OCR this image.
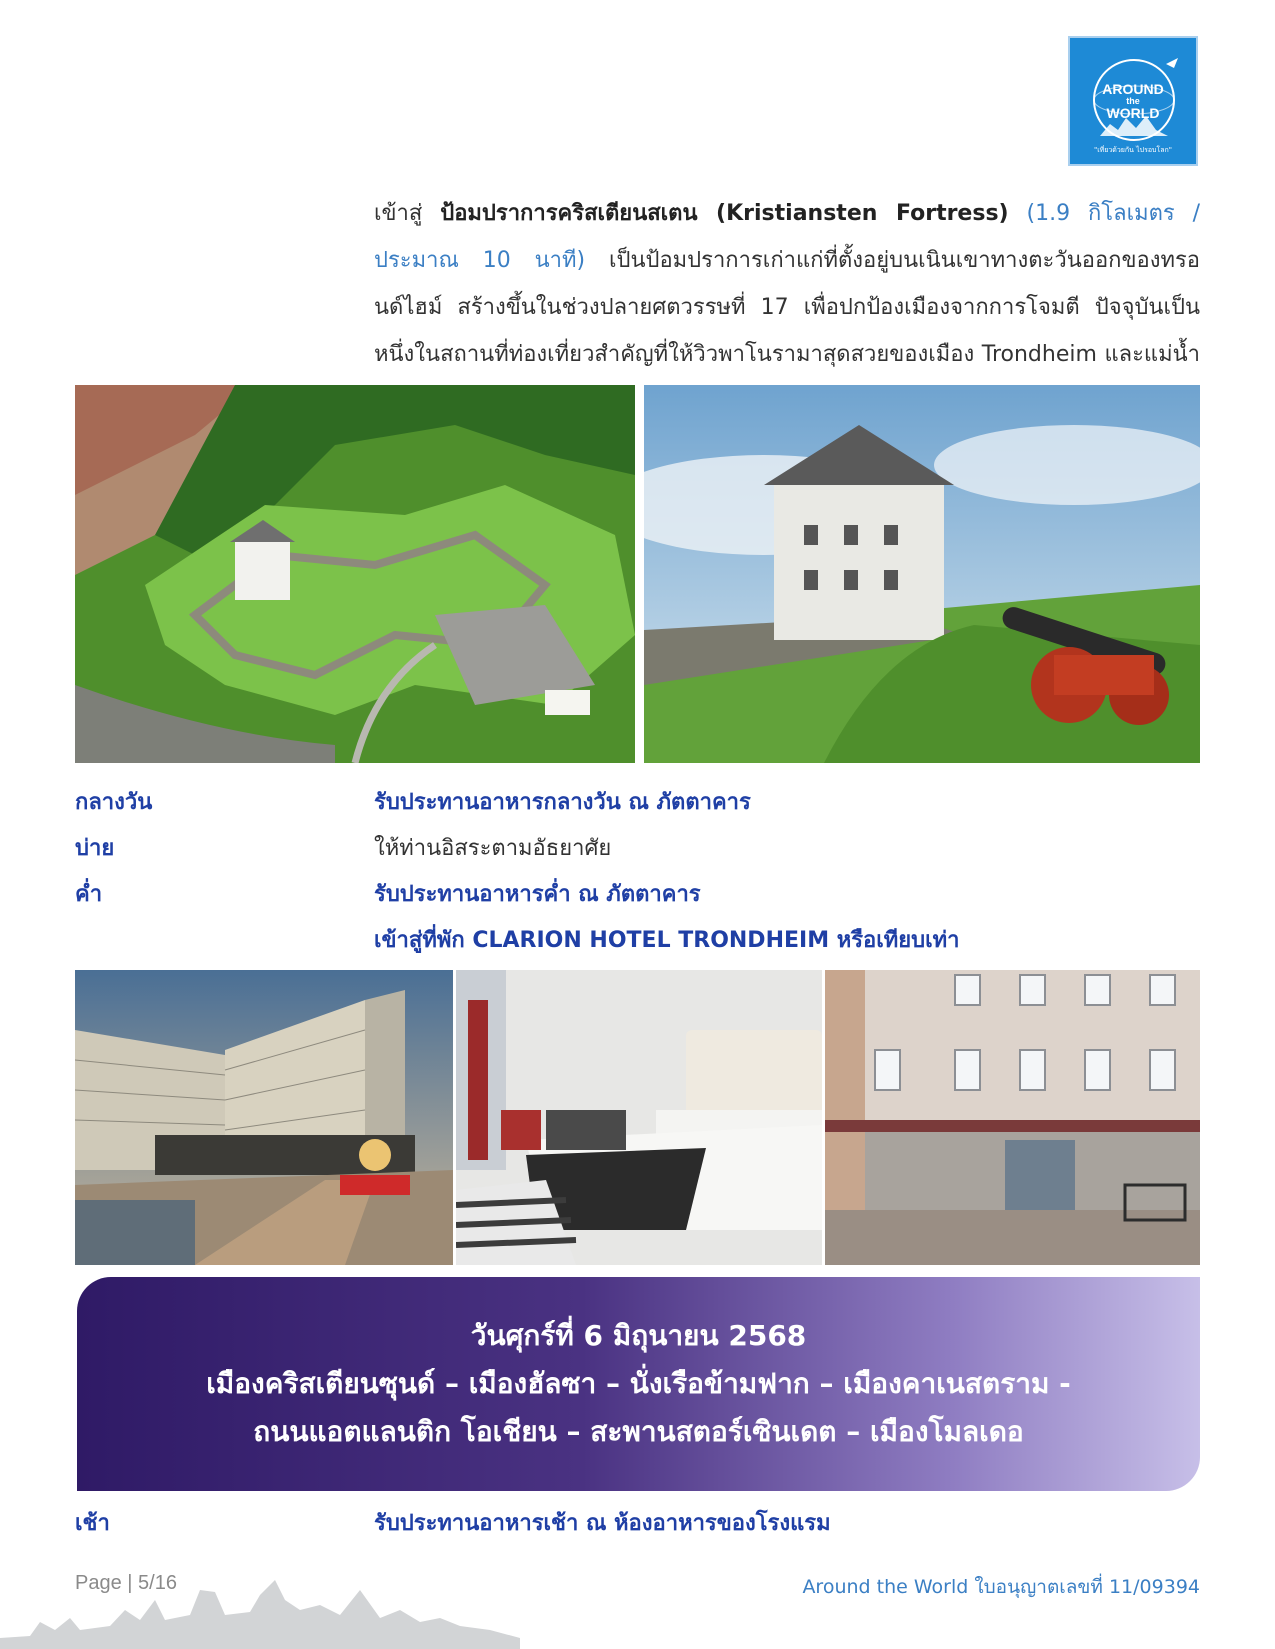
AROUND
the
WORLD
"เที่ยวด้วยกัน ไปรอบโลก"
เข้าสู่ ป้อมปราการคริสเตียนสเตน (Kristiansten Fortress) (1.9 กิโลเมตร / ประมาณ 10 นาที) เป็นป้อมปราการเก่าแก่ที่ตั้งอยู่บนเนินเขาทางตะวันออกของทรอนด์ไฮม์ สร้างขึ้นในช่วงปลายศตวรรษที่ 17 เพื่อปกป้องเมืองจากการโจมตี ปัจจุบันเป็นหนึ่งในสถานที่ท่องเที่ยวสำคัญที่ให้วิวพาโนรามาสุดสวยของเมือง Trondheim และแม่น้ำ
กลางวัน	รับประทานอาหารกลางวัน ณ ภัตตาคาร
บ่าย	ให้ท่านอิสระตามอัธยาศัย
ค่ำ	รับประทานอาหารค่ำ ณ ภัตตาคาร
เข้าสู่ที่พัก CLARION HOTEL TRONDHEIM หรือเทียบเท่า
วันศุกร์ที่ 6 มิถุนายน 2568
เมืองคริสเตียนซุนด์ – เมืองฮัลซา – นั่งเรือข้ามฟาก – เมืองคาเนสตราม -
ถนนแอตแลนติก โอเชียน – สะพานสตอร์เซินเดต – เมืองโมลเดอ
เช้า	รับประทานอาหารเช้า ณ ห้องอาหารของโรงแรม
Page | 5/16	Around the World ใบอนุญาตเลขที่ 11/09394
